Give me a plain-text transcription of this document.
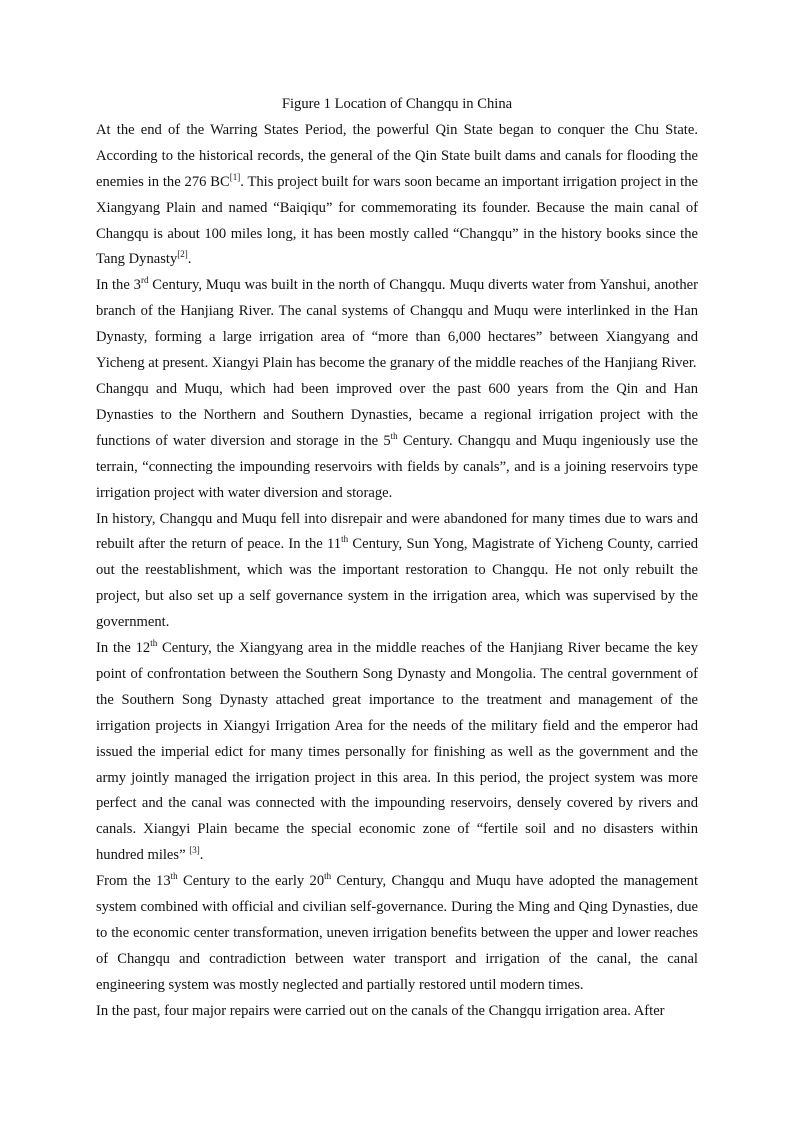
Figure 1 Location of Changqu in China

At the end of the Warring States Period, the powerful Qin State began to conquer the Chu State. According to the historical records, the general of the Qin State built dams and canals for flooding the enemies in the 276 BC[1]. This project built for wars soon became an important irrigation project in the Xiangyang Plain and named “Baiqiqu” for commemorating its founder. Because the main canal of Changqu is about 100 miles long, it has been mostly called “Changqu” in the history books since the Tang Dynasty[2].

In the 3rd Century, Muqu was built in the north of Changqu. Muqu diverts water from Yanshui, another branch of the Hanjiang River. The canal systems of Changqu and Muqu were interlinked in the Han Dynasty, forming a large irrigation area of “more than 6,000 hectares” between Xiangyang and Yicheng at present. Xiangyi Plain has become the granary of the middle reaches of the Hanjiang River.

Changqu and Muqu, which had been improved over the past 600 years from the Qin and Han Dynasties to the Northern and Southern Dynasties, became a regional irrigation project with the functions of water diversion and storage in the 5th Century. Changqu and Muqu ingeniously use the terrain, “connecting the impounding reservoirs with fields by canals”, and is a joining reservoirs type irrigation project with water diversion and storage.

In history, Changqu and Muqu fell into disrepair and were abandoned for many times due to wars and rebuilt after the return of peace. In the 11th Century, Sun Yong, Magistrate of Yicheng County, carried out the reestablishment, which was the important restoration to Changqu. He not only rebuilt the project, but also set up a self governance system in the irrigation area, which was supervised by the government.

In the 12th Century, the Xiangyang area in the middle reaches of the Hanjiang River became the key point of confrontation between the Southern Song Dynasty and Mongolia. The central government of the Southern Song Dynasty attached great importance to the treatment and management of the irrigation projects in Xiangyi Irrigation Area for the needs of the military field and the emperor had issued the imperial edict for many times personally for finishing as well as the government and the army jointly managed the irrigation project in this area. In this period, the project system was more perfect and the canal was connected with the impounding reservoirs, densely covered by rivers and canals. Xiangyi Plain became the special economic zone of “fertile soil and no disasters within hundred miles” [3].

From the 13th Century to the early 20th Century, Changqu and Muqu have adopted the management system combined with official and civilian self-governance. During the Ming and Qing Dynasties, due to the economic center transformation, uneven irrigation benefits between the upper and lower reaches of Changqu and contradiction between water transport and irrigation of the canal, the canal engineering system was mostly neglected and partially restored until modern times.

In the past, four major repairs were carried out on the canals of the Changqu irrigation area. After
